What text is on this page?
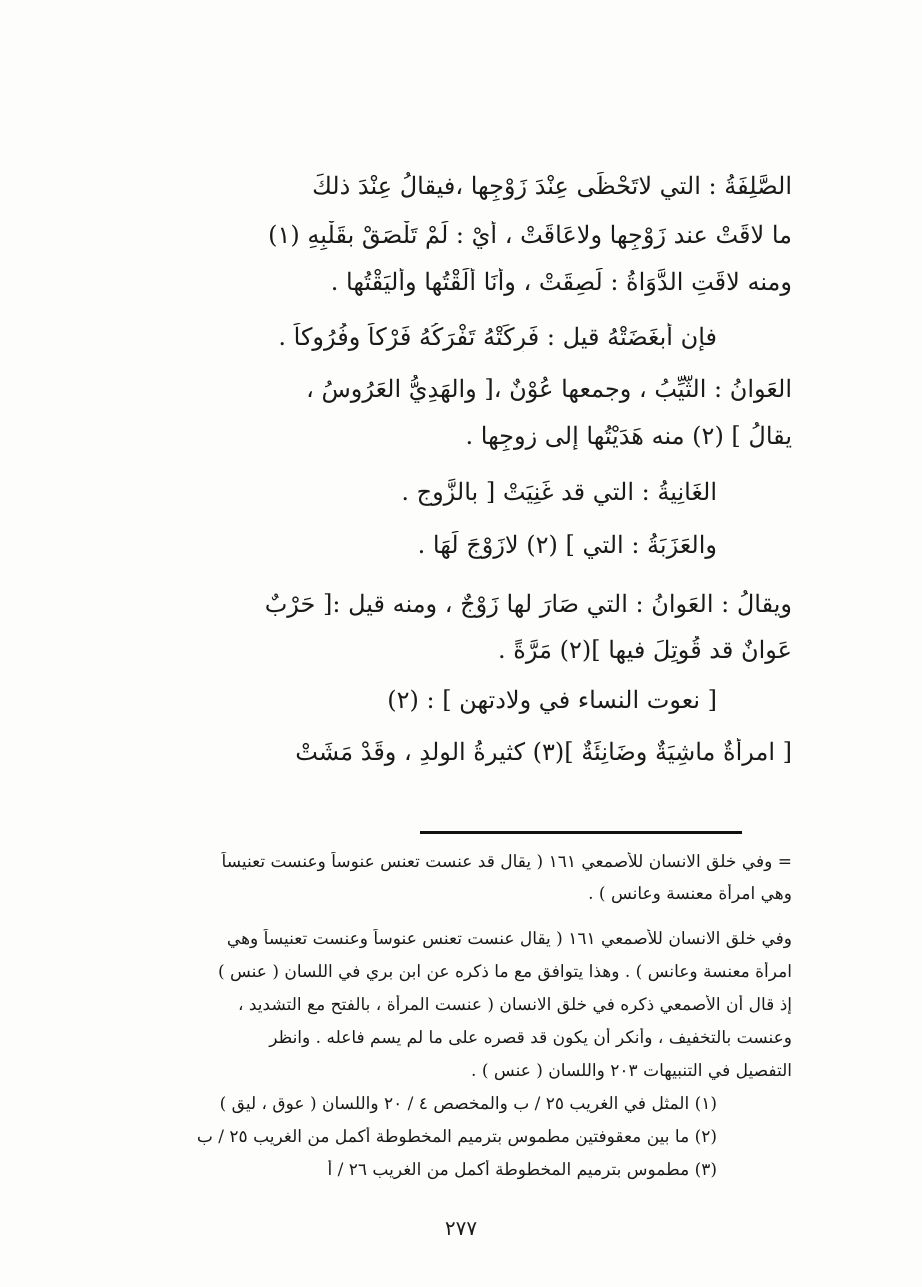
الصَّلِفَةُ : التي لاتَحْظَى عِنْدَ زَوْجِها ،فيقالُ عِنْدَ ذلكَ
ما لاقَتْ عند زَوْجِها ولاعَاقَتْ ، أيْ : لَمْ تَلْصَقْ بقَلْبِهِ (١)
ومنه لاقَتِ الدَّوَاةُ : لَصِقَتْ ، وأنَا ألَقْتُها وأليَقْتُها .
فإن أبغَضَتْهُ قيل : فَرِكَتْهُ تَفْرَكُهُ فَرْكاً وفُرُوكاً .
العَوانُ : الثَّيِّبُ ، وجمعها عُوْنٌ ،[ والهَدِيُّ العَرُوسُ ،
يقالُ ] (٢) منه هَدَيْتُها إلى زوجِها .
الغَانِيةُ : التي قد غَنِيَتْ [ بالزَّوجِ .
والعَزَبَةُ : التي ] (٢) لازَوْجَ لَهَا .
ويقالُ : العَوانُ : التي صَارَ لها زَوْجٌ ، ومنه قيل :[ حَرْبٌ
عَوانٌ قد قُوتِلَ فيها ](٢) مَرَّةً .
[ نعوت النساء في ولادتهن ] : (٢)
[ امرأةٌ ماشِيَةٌ وضَانِئَةٌ ](٣) كثيرةُ الولدِ ، وقَدْ مَشَتْ
= وفي خلق الانسان للأصمعي ١٦١ ( يقال قد عنست تعنس عنوساً وعنست تعنيساً
وهي امرأة معنسة وعانس ) .
وفي خلق الانسان للأصمعي ١٦١ ( يقال عنست تعنس عنوساً وعنست تعنيساً وهي
امرأة معنسة وعانس ) . وهذا يتوافق مع ما ذكره عن ابن بري في اللسان ( عنس )
إذ قال أن الأصمعي ذكره في خلق الانسان ( عنست المرأة ، بالفتح مع التشديد ،
وعنست بالتخفيف ، وأنكر أن يكون قد قصره على ما لم يسم فاعله . وانظر
التفصيل في التنبيهات ٢٠٣ واللسان ( عنس ) .
(١) المثل في الغريب ٢٥ / ب والمخصص ٤ / ٢٠ واللسان ( عوق ، ليق )
(٢) ما بين معقوفتين مطموس بترميم المخطوطة أكمل من الغريب ٢٥ / ب
(٣) مطموس بترميم المخطوطة أكمل من الغريب ٢٦ / أ
٢٧٧
